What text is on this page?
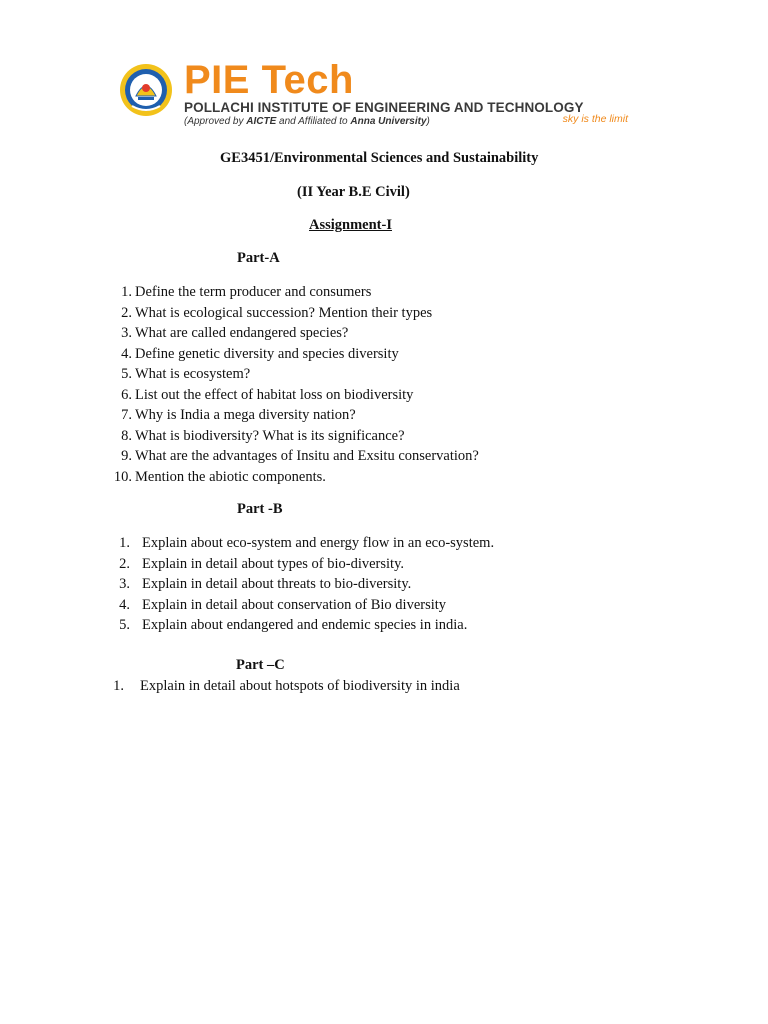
PIE Tech
POLLACHI INSTITUTE OF ENGINEERING AND TECHNOLOGY
(Approved by AICTE and Affiliated to Anna University)	sky is the limit
GE3451/Environmental Sciences and Sustainability
(II Year B.E Civil)
Assignment-I
Part-A
1. Define the term producer and consumers
2. What is ecological succession? Mention their types
3. What are called endangered species?
4. Define genetic diversity and species diversity
5. What is ecosystem?
6. List out the effect of habitat loss on biodiversity
7. Why is India a mega diversity nation?
8. What is biodiversity? What is its significance?
9. What are the advantages of Insitu and Exsitu conservation?
10. Mention the abiotic components.
Part -B
1. Explain about eco-system and energy flow in an eco-system.
2. Explain in detail about types of bio-diversity.
3. Explain in detail about threats to bio-diversity.
4. Explain in detail about conservation of Bio diversity
5. Explain about endangered and endemic species in india.
Part –C
1. Explain in detail about hotspots of biodiversity in india
